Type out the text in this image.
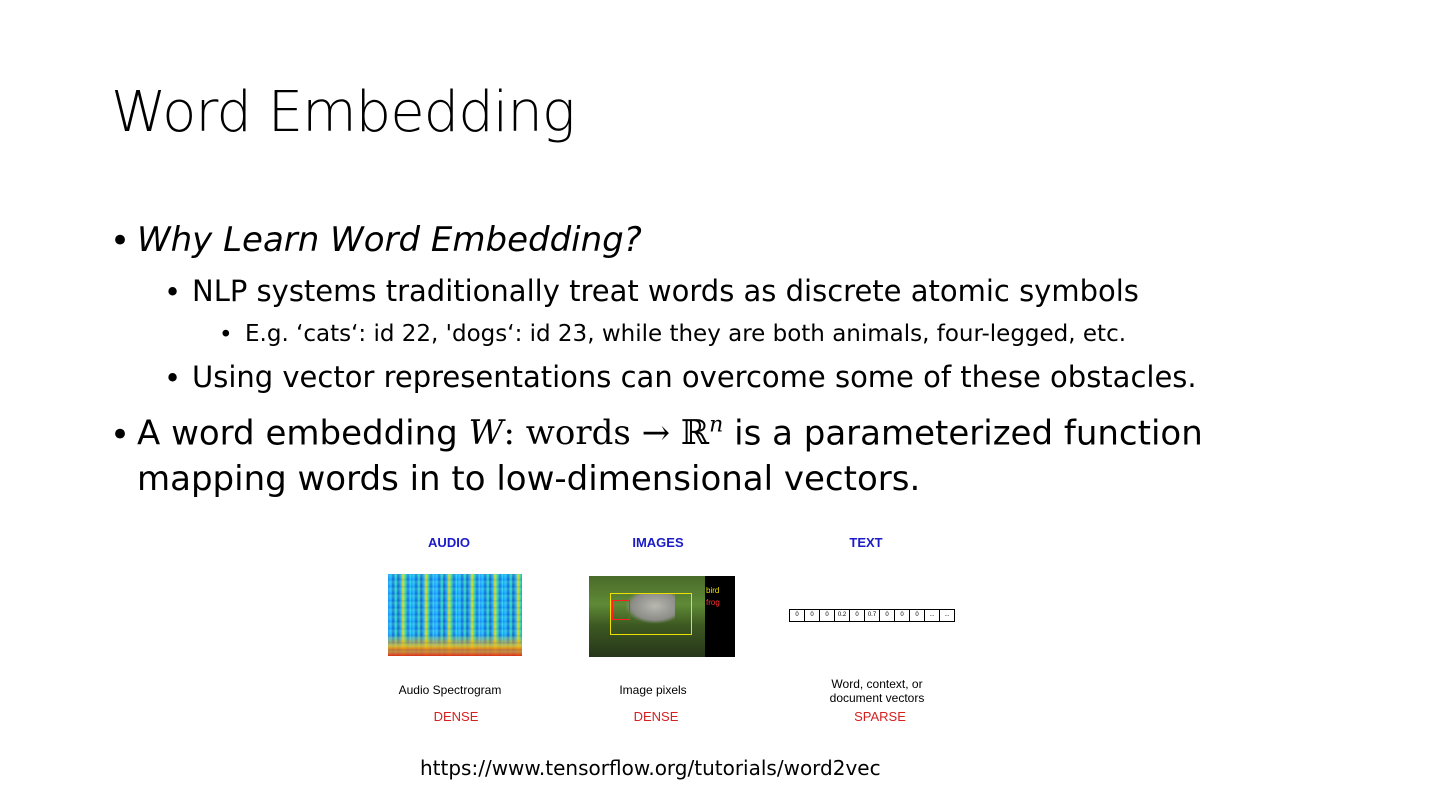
Word Embedding
• Why Learn Word Embedding?
• NLP systems traditionally treat words as discrete atomic symbols
• E.g. ‘cats‘: id 22, 'dogs‘: id 23, while they are both animals, four-legged, etc.
• Using vector representations can overcome some of these obstacles.
• A word embedding W: words → ℝ$^n$ is a parameterized function
mapping words in to low-dimensional vectors.
AUDIO	IMAGES	TEXT
bird
frog
0	0	0	0.2	0	0.7	0	0	0	...	...
Audio Spectrogram	Image pixels	Word, context, or
document vectors
DENSE	DENSE	SPARSE
https://www.tensorflow.org/tutorials/word2vec
